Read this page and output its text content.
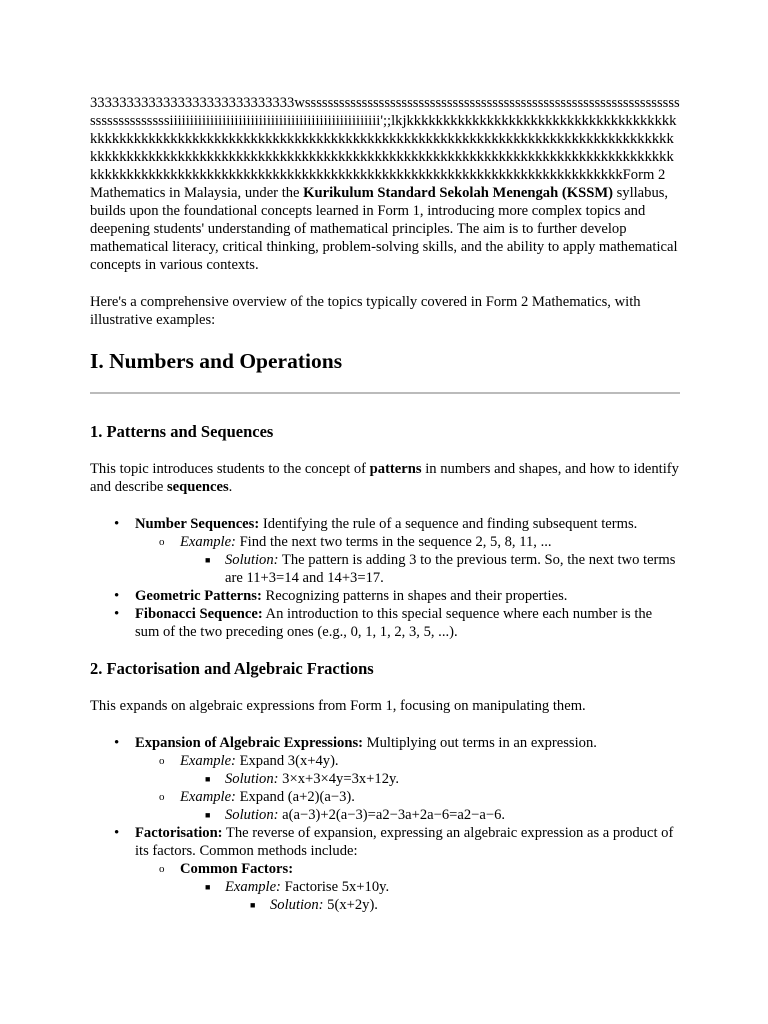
3333333333333333333333333333wssssssssssssssssssssssssssssssssssssssssssssssssssssssssssssssssssssssssssssssssiiiiiiiiiiiiiiiiiiiiiiiiiiiiiiiiiiiiiiiiiiiiiiiiiiii';;lkjkkkkkkkkkkkkkkkkkkkkkkkkkkkkkkkkkkkkkkkkkkkkkkkkkkkkkkkkkkkkkkkkkkkkkkkkkkkkkkkkkkkkkkkkkkkkkkkkkkkkkkkkkkkkkkkkkkkkkkkkkkkkkkkkkkkkkkkkkkkkkkkkkkkkkkkkkkkkkkkkkkkkkkkkkkkkkkkkkkkkkkkkkkkkkkkkkkkkkkkkkkkkkkkkkkkkkkkkkkkkkkkkkkkkkkkkkkkkkkkkkkkkkkkkkkkkkkkkkkkkkkkkkkkkkkForm 2 Mathematics in Malaysia, under the Kurikulum Standard Sekolah Menengah (KSSM) syllabus, builds upon the foundational concepts learned in Form 1, introducing more complex topics and deepening students' understanding of mathematical principles. The aim is to further develop mathematical literacy, critical thinking, problem-solving skills, and the ability to apply mathematical concepts in various contexts.

Here's a comprehensive overview of the topics typically covered in Form 2 Mathematics, with illustrative examples:

I. Numbers and Operations
1. Patterns and Sequences

This topic introduces students to the concept of patterns in numbers and shapes, and how to identify and describe sequences.

• Number Sequences: Identifying the rule of a sequence and finding subsequent terms.
o Example: Find the next two terms in the sequence 2, 5, 8, 11, ...
■ Solution: The pattern is adding 3 to the previous term. So, the next two terms are 11+3=14 and 14+3=17.
• Geometric Patterns: Recognizing patterns in shapes and their properties.
• Fibonacci Sequence: An introduction to this special sequence where each number is the sum of the two preceding ones (e.g., 0, 1, 1, 2, 3, 5, ...).
2. Factorisation and Algebraic Fractions

This expands on algebraic expressions from Form 1, focusing on manipulating them.

• Expansion of Algebraic Expressions: Multiplying out terms in an expression.
o Example: Expand 3(x+4y).
■ Solution: 3×x+3×4y=3x+12y.
o Example: Expand (a+2)(a−3).
■ Solution: a(a−3)+2(a−3)=a2−3a+2a−6=a2−a−6.
• Factorisation: The reverse of expansion, expressing an algebraic expression as a product of its factors. Common methods include:
o Common Factors:
■ Example: Factorise 5x+10y.
■ Solution: 5(x+2y).
